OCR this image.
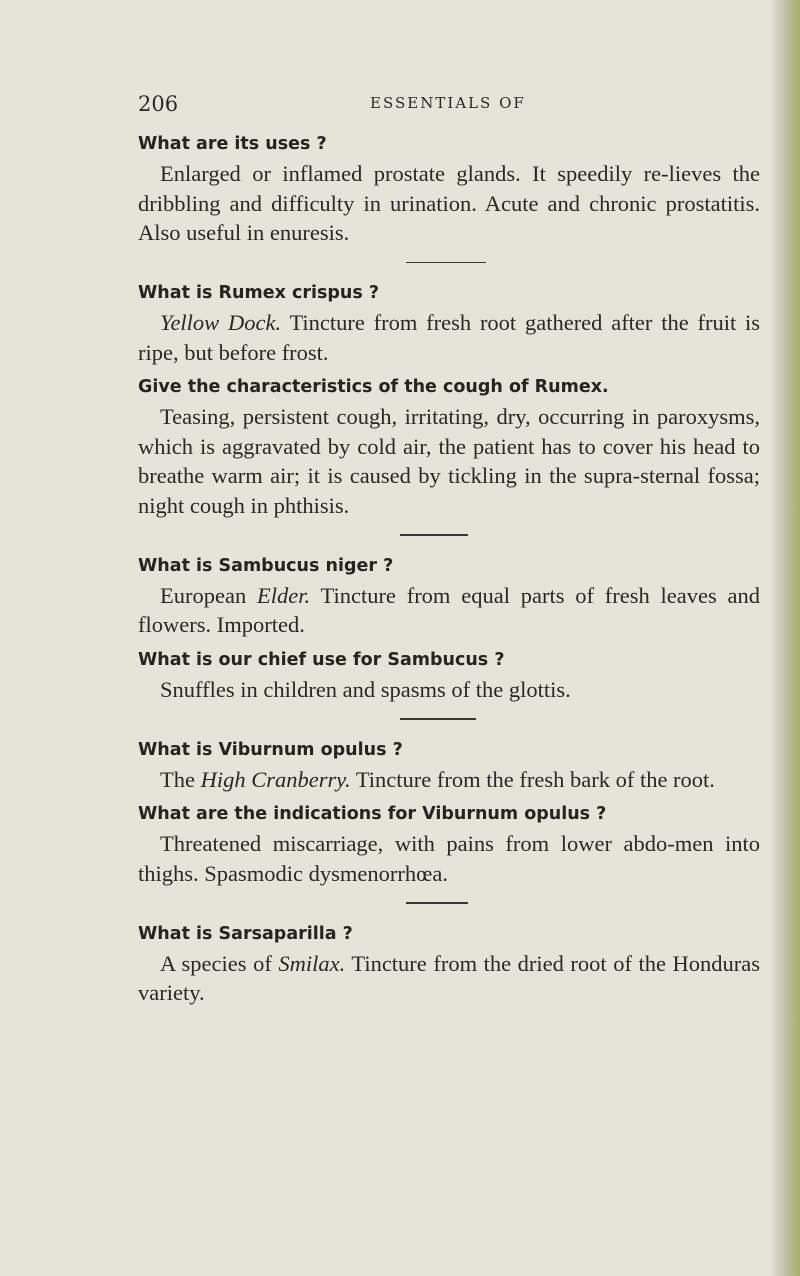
206	ESSENTIALS OF

What are its uses ?

Enlarged or inflamed prostate glands. It speedily re-lieves the dribbling and difficulty in urination. Acute and chronic prostatitis. Also useful in enuresis.

What is Rumex crispus ?

Yellow Dock. Tincture from fresh root gathered after the fruit is ripe, but before frost.

Give the characteristics of the cough of Rumex.

Teasing, persistent cough, irritating, dry, occurring in paroxysms, which is aggravated by cold air, the patient has to cover his head to breathe warm air; it is caused by tickling in the supra-sternal fossa; night cough in phthisis.

What is Sambucus niger ?

European Elder. Tincture from equal parts of fresh leaves and flowers. Imported.

What is our chief use for Sambucus ?

Snuffles in children and spasms of the glottis.

What is Viburnum opulus ?

The High Cranberry. Tincture from the fresh bark of the root.

What are the indications for Viburnum opulus ?

Threatened miscarriage, with pains from lower abdo-men into thighs. Spasmodic dysmenorrhœa.

What is Sarsaparilla ?

A species of Smilax. Tincture from the dried root of the Honduras variety.
